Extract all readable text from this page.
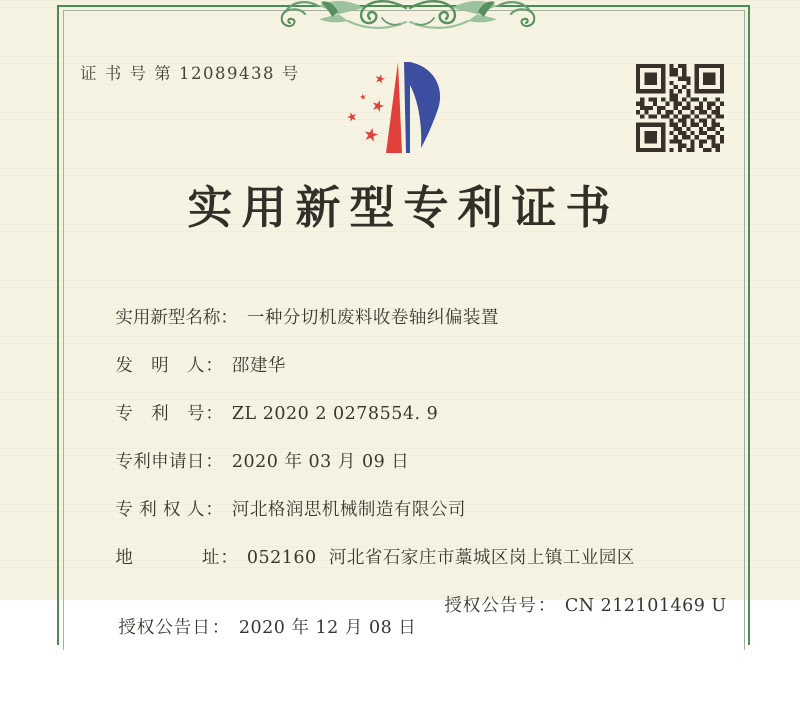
证 书 号 第 12089438 号
实用新型专利证书

实用新型名称： 一种分切机废料收卷轴纠偏装置

发明人： 邵建华

专利号： ZL 2020 2 0278554. 9

专利申请日： 2020 年 03 月 09 日

专利权人： 河北格润思机械制造有限公司

地址： 052160  河北省石家庄市藁城区岗上镇工业园区

授权公告日： 2020 年 12 月 08 日

授权公告号： CN 212101469 U
